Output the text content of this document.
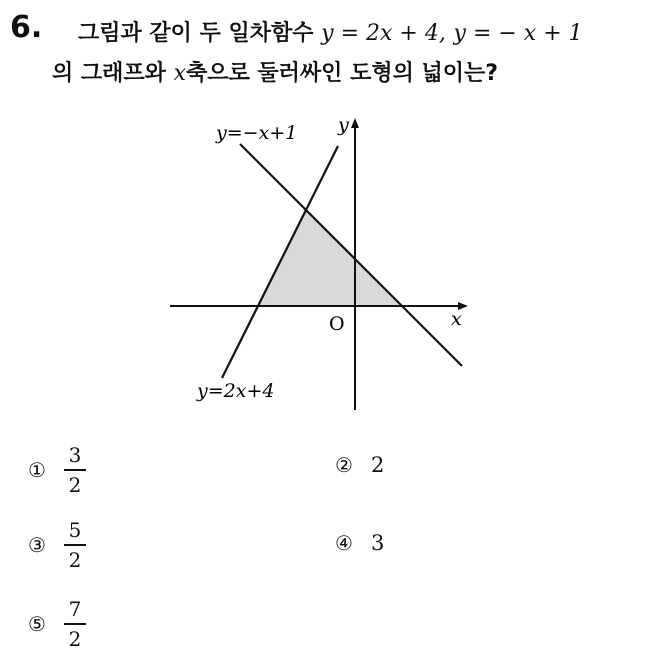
6. 그림과 같이 두 일차함수 y = 2x + 4, y = − x + 1
의 그래프와 x축으로 둘러싸인 도형의 넓이는?
y=−x+1
y=2x+4
y
x
O
① $\frac{3}{2}$	② 2
③ $\frac{5}{2}$	④ 3
⑤ $\frac{7}{2}$
